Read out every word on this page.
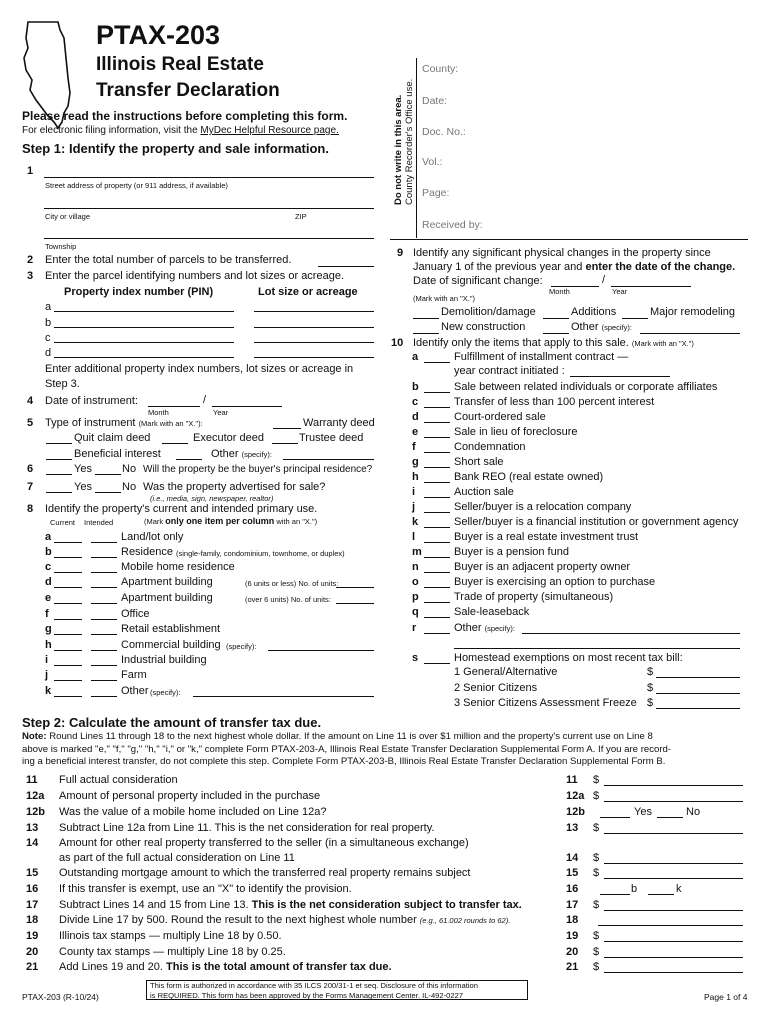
PTAX-203
Illinois Real Estate
Transfer Declaration
Please read the instructions before completing this form.
For electronic filing information, visit the MyDec Helpful Resource page.	Do not write in this area. County Recorder's Office use.
County:
Date:
Doc. No.:
Vol.:
Page:
Received by:
Step 1: Identify the property and sale information.
1
Street address of property (or 911 address, if available)
City or village	ZIP
Township
2 Enter the total number of parcels to be transferred.
3 Enter the parcel identifying numbers and lot sizes or acreage.
Property index number (PIN)	Lot size or acreage
a
b
c
d
Enter additional property index numbers, lot sizes or acreage in
Step 3.
4 Date of instrument:	/
Month	Year
5 Type of instrument (Mark with an "X."):	Warranty deed
Quit claim deed	Executor deed	Trustee deed
Beneficial interest	Other (specify):
6	Yes	No Will the property be the buyer's principal residence?
7	Yes	No Was the property advertised for sale?
(i.e., media, sign, newspaper, realtor)
8 Identify the property's current and intended primary use.
Current Intended	(Mark only one item per column with an "X.")
a	Land/lot only
b	Residence (single-family, condominium, townhome, or duplex)
c	Mobile home residence
d	Apartment building	(6 units or less) No. of units:
e	Apartment building	(over 6 units) No. of units:
f	Office
g	Retail establishment
h	Commercial building (specify):
i	Industrial building
j	Farm
k	Other (specify):
9 Identify any significant physical changes in the property since
January 1 of the previous year and enter the date of the change.
Date of significant change:	/
Month	Year
(Mark with an "X.")
Demolition/damage	Additions	Major remodeling
New construction	Other (specify):
10 Identify only the items that apply to this sale. (Mark with an "X.")
a	Fulfillment of installment contract —
year contract initiated :
b	Sale between related individuals or corporate affiliates
c	Transfer of less than 100 percent interest
d	Court-ordered sale
e	Sale in lieu of foreclosure
f	Condemnation
g	Short sale
h	Bank REO (real estate owned)
i	Auction sale
j	Seller/buyer is a relocation company
k	Seller/buyer is a financial institution or government agency
l	Buyer is a real estate investment trust
m	Buyer is a pension fund
n	Buyer is an adjacent property owner
o	Buyer is exercising an option to purchase
p	Trade of property (simultaneous)
q	Sale-leaseback
r	Other (specify):
s	Homestead exemptions on most recent tax bill:
1 General/Alternative	$
2 Senior Citizens	$
3 Senior Citizens Assessment Freeze $
Step 2: Calculate the amount of transfer tax due.
Note: Round Lines 11 through 18 to the next highest whole dollar. If the amount on Line 11 is over $1 million and the property's current use on Line 8
above is marked "e," "f," "g," "h," "i," or "k," complete Form PTAX-203-A, Illinois Real Estate Transfer Declaration Supplemental Form A. If you are record-
ing a beneficial interest transfer, do not complete this step. Complete Form PTAX-203-B, Illinois Real Estate Transfer Declaration Supplemental Form B.
11 Full actual consideration	11 $
12a Amount of personal property included in the purchase	12a $
12b Was the value of a mobile home included on Line 12a?	12b	Yes	No
13 Subtract Line 12a from Line 11. This is the net consideration for real property.	13 $
14 Amount for other real property transferred to the seller (in a simultaneous exchange)
as part of the full actual consideration on Line 11	14 $
15 Outstanding mortgage amount to which the transferred real property remains subject	15 $
16 If this transfer is exempt, use an "X" to identify the provision.	16	b	k
17 Subtract Lines 14 and 15 from Line 13. This is the net consideration subject to transfer tax.	17 $
18 Divide Line 17 by 500. Round the result to the next highest whole number (e.g., 61.002 rounds to 62).	18
19 Illinois tax stamps — multiply Line 18 by 0.50.	19 $
20 County tax stamps — multiply Line 18 by 0.25.	20 $
21 Add Lines 19 and 20. This is the total amount of transfer tax due.	21 $
PTAX-203 (R-10/24)
This form is authorized in accordance with 35 ILCS 200/31-1 et seq. Disclosure of this information
is REQUIRED. This form has been approved by the Forms Management Center. IL-492-0227	Page 1 of 4
